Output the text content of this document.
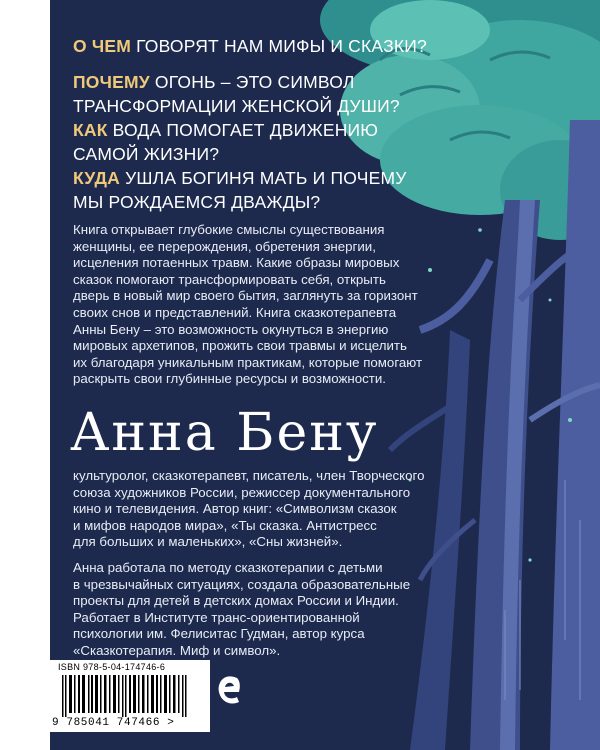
О ЧЕМ ГОВОРЯТ НАМ МИФЫ И СКАЗКИ?

ПОЧЕМУ ОГОНЬ – ЭТО СИМВОЛ
ТРАНСФОРМАЦИИ ЖЕНСКОЙ ДУШИ?

КАК ВОДА ПОМОГАЕТ ДВИЖЕНИЮ
САМОЙ ЖИЗНИ?

КУДА УШЛА БОГИНЯ МАТЬ И ПОЧЕМУ
МЫ РОЖДАЕМСЯ ДВАЖДЫ?

Книга открывает глубокие смыслы существования
женщины, ее перерождения, обретения энергии,
исцеления потаенных травм. Какие образы мировых
сказок помогают трансформировать себя, открыть
дверь в новый мир своего бытия, заглянуть за горизонт
своих снов и представлений. Книга сказкотерапевта
Анны Бену – это возможность окунуться в энергию
мировых архетипов, прожить свои травмы и исцелить
их благодаря уникальным практикам, которые помогают
раскрыть свои глубинные ресурсы и возможности.

Анна Бену

культуролог, сказкотерапевт, писатель, член Творческого
союза художников России, режиссер документального
кино и телевидения. Автор книг: «Символизм сказок
и мифов народов мира», «Ты сказка. Антистресс
для больших и маленьких», «Сны жизней».

Анна работала по методу сказкотерапии с детьми
в чрезвычайных ситуациях, создала образовательные
проекты для детей в детских домах России и Индии.
Работает в Институте транс-ориентированной
психологии им. Фелиситас Гудман, автор курса
«Сказкотерапия. Миф и символ».

ISBN 978-5-04-174746-6
9 785041 747466 >
